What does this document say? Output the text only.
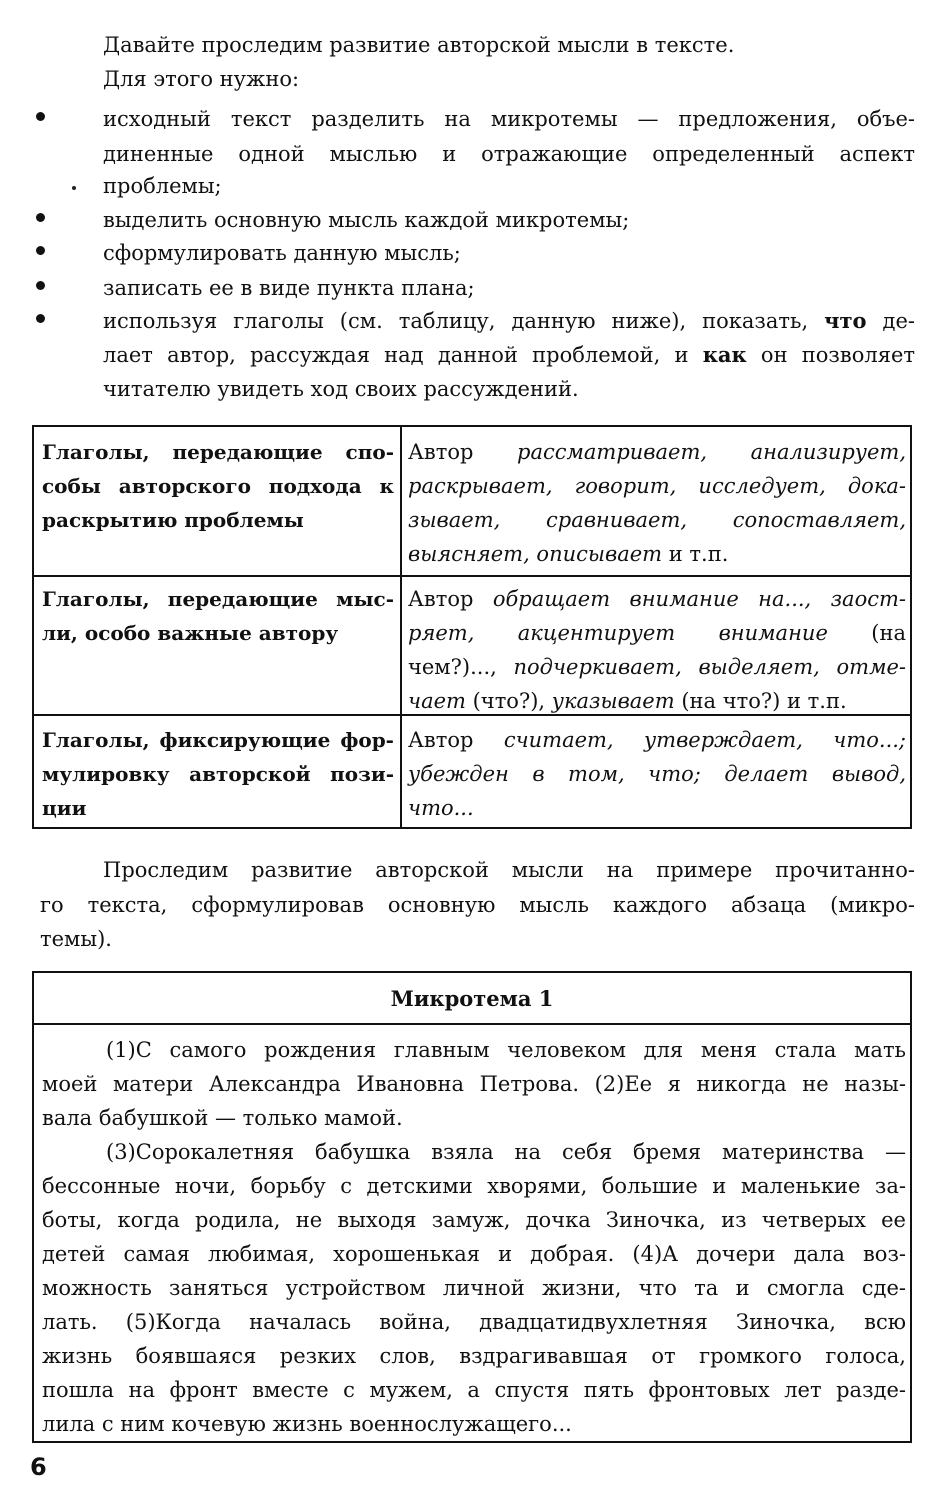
Давайте проследим развитие авторской мысли в тексте.
Для этого нужно:
исходный текст разделить на микротемы — предложения, объе-
диненные одной мыслью и отражающие определенный аспект
проблемы;
выделить основную мысль каждой микротемы;
сформулировать данную мысль;
записать ее в виде пункта плана;
используя глаголы (см. таблицу, данную ниже), показать, что де-
лает автор, рассуждая над данной проблемой, и как он позволяет
читателю увидеть ход своих рассуждений.
Глаголы, передающие спо-
собы авторского подхода к
раскрытию проблемы
Автор рассматривает, анализирует,
раскрывает, говорит, исследует, дока-
зывает, сравнивает, сопоставляет,
выясняет, описывает и т.п.
Глаголы, передающие мыс-
ли, особо важные автору
Автор обращает внимание на..., заост-
ряет, акцентирует внимание (на
чем?)..., подчеркивает, выделяет, отме-
чает (что?), указывает (на что?) и т.п.
Глаголы, фиксирующие фор-
мулировку авторской пози-
ции
Автор считает, утверждает, что...;
убежден в том, что; делает вывод,
что...
Проследим развитие авторской мысли на примере прочитанно-
го текста, сформулировав основную мысль каждого абзаца (микро-
темы).
Микротема 1
(1)С самого рождения главным человеком для меня стала мать
моей матери Александра Ивановна Петрова. (2)Ее я никогда не назы-
вала бабушкой — только мамой.
(3)Сорокалетняя бабушка взяла на себя бремя материнства —
бессонные ночи, борьбу с детскими хворями, большие и маленькие за-
боты, когда родила, не выходя замуж, дочка Зиночка, из четверых ее
детей самая любимая, хорошенькая и добрая. (4)А дочери дала воз-
можность заняться устройством личной жизни, что та и смогла сде-
лать. (5)Когда началась война, двадцатидвухлетняя Зиночка, всю
жизнь боявшаяся резких слов, вздрагивавшая от громкого голоса,
пошла на фронт вместе с мужем, а спустя пять фронтовых лет разде-
лила с ним кочевую жизнь военнослужащего...
6
